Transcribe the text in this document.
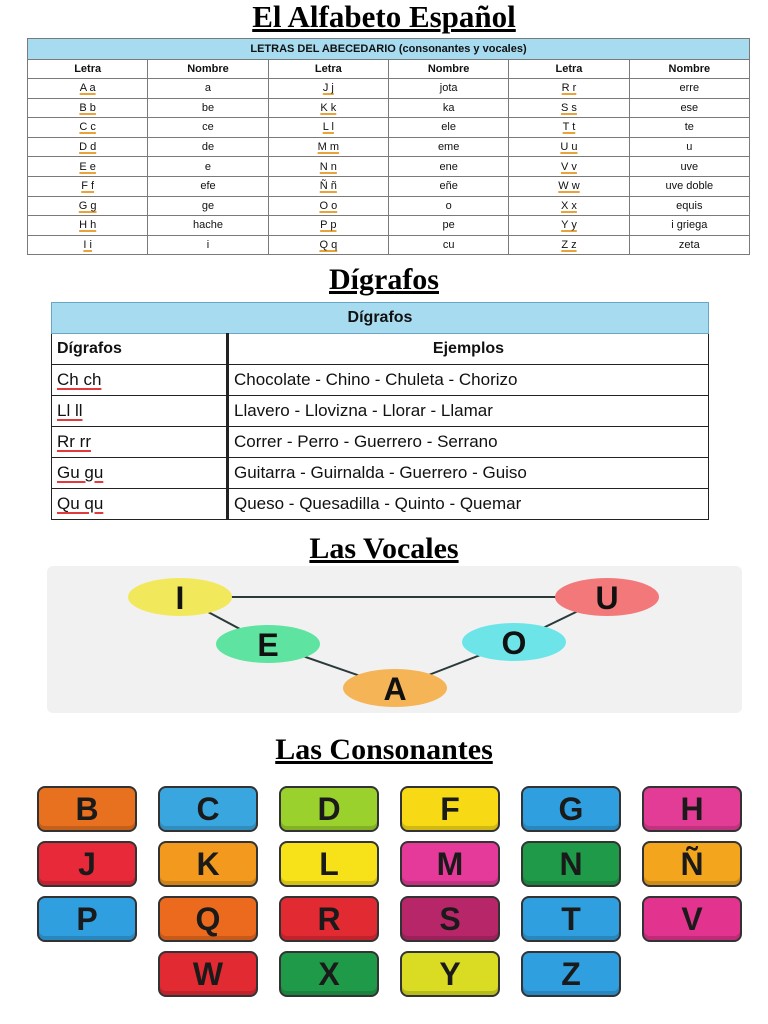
El Alfabeto Español
LETRAS DEL ABECEDARIO (consonantes y vocales)					
Letra	Nombre	Letra	Nombre	Letra	Nombre
A a	a	J j	jota	R r	erre
B b	be	K k	ka	S s	ese
C c	ce	L l	ele	T t	te
D d	de	M m	eme	U u	u
E e	e	N n	ene	V v	uve
F f	efe	Ñ ñ	eñe	W w	uve doble
G g	ge	O o	o	X x	equis
H h	hache	P p	pe	Y y	i griega
I i	i	Q q	cu	Z z	zeta
Dígrafos
Dígrafos	
Dígrafos	Ejemplos
Ch ch	Chocolate - Chino - Chuleta - Chorizo
Ll ll	Llavero - Llovizna - Llorar - Llamar
Rr rr	Correr - Perro - Guerrero - Serrano
Gu gu	Guitarra - Guirnalda - Guerrero - Guiso
Qu qu	Queso - Quesadilla - Quinto - Quemar
Las Vocales
I
E
A
O
U
Las Consonantes
B	C	D	F	G	H
J	K	L	M	N	Ñ
P	Q	R	S	T	V
W	X	Y	Z
